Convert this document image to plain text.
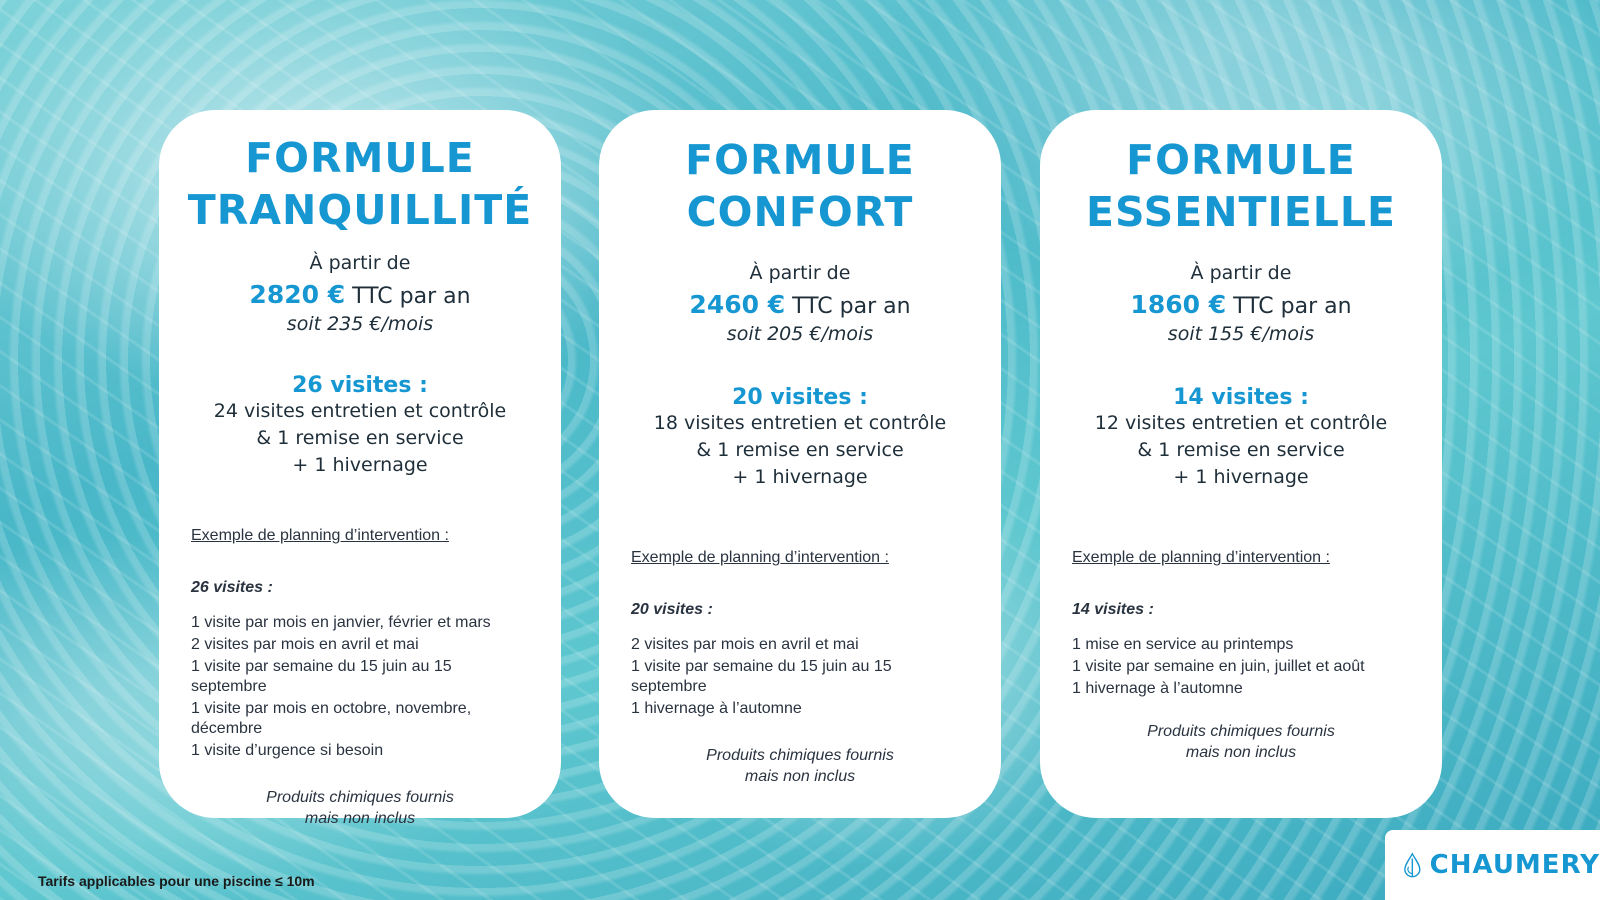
FORMULE
TRANQUILLITÉ
À partir de
2820 € TTC par an
soit 235 €/mois
26 visites :
24 visites entretien et contrôle
& 1 remise en service
+ 1 hivernage
Exemple de planning d’intervention :
26 visites :
1 visite par mois en janvier, février et mars
2 visites par mois en avril et mai
1 visite par semaine du 15 juin au 15 septembre
1 visite par mois en octobre, novembre, décembre
1 visite d’urgence si besoin
Produits chimiques fournis
mais non inclus
FORMULE
CONFORT
À partir de
2460 € TTC par an
soit 205 €/mois
20 visites :
18 visites entretien et contrôle
& 1 remise en service
+ 1 hivernage
Exemple de planning d’intervention :
20 visites :
2 visites par mois en avril et mai
1 visite par semaine du 15 juin au 15 septembre
1 hivernage à l’automne
Produits chimiques fournis
mais non inclus
FORMULE
ESSENTIELLE
À partir de
1860 € TTC par an
soit 155 €/mois
14 visites :
12 visites entretien et contrôle
& 1 remise en service
+ 1 hivernage
Exemple de planning d’intervention :
14 visites :
1 mise en service au printemps
1 visite par semaine en juin, juillet et août
1 hivernage à l’automne
Produits chimiques fournis
mais non inclus
Tarifs applicables pour une piscine ≤ 10m
CHAUMERY
